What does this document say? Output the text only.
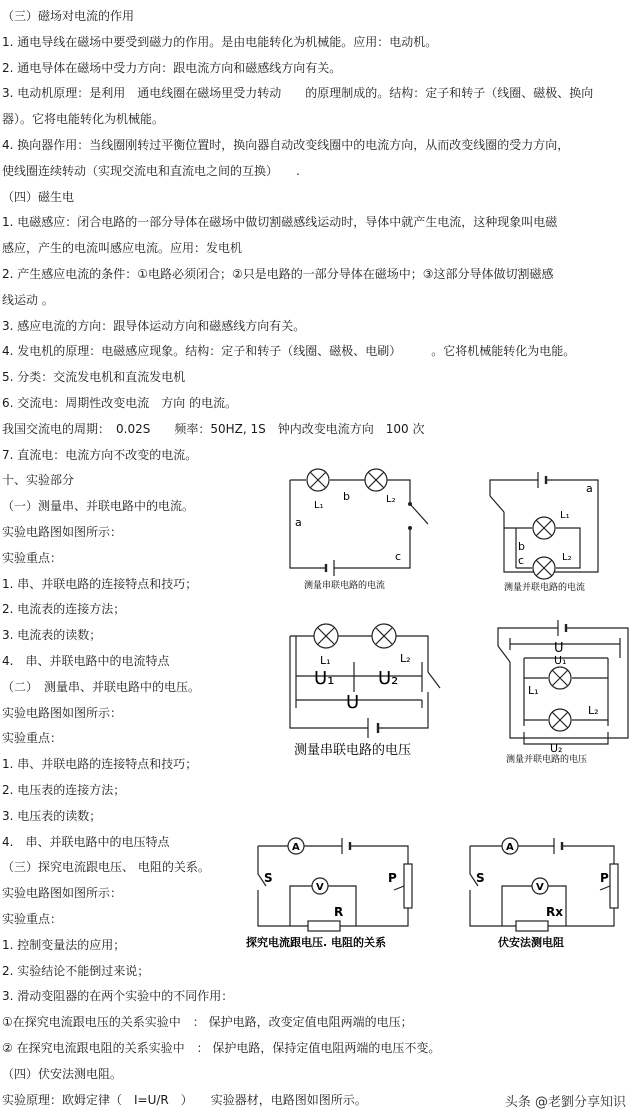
（三）磁场对电流的作用
1. 通电导线在磁场中要受到磁力的作用。是由电能转化为机械能。应用：电动机。
2. 通电导体在磁场中受力方向：跟电流方向和磁感线方向有关。
3. 电动机原理：是利用　通电线圈在磁场里受力转动　　的原理制成的。结构：定子和转子（线圈、磁极、换向
器）。它将电能转化为机械能。
4. 换向器作用：当线圈刚转过平衡位置时，换向器自动改变线圈中的电流方向，从而改变线圈的受力方向，
使线圈连续转动（实现交流电和直流电之间的互换）　　.
（四）磁生电
1. 电磁感应：闭合电路的一部分导体在磁场中做切割磁感线运动时，导体中就产生电流，这种现象叫电磁
感应，产生的电流叫感应电流。应用：发电机
2. 产生感应电流的条件：①电路必须闭合；②只是电路的一部分导体在磁场中；③这部分导体做切割磁感
线运动 。
3. 感应电流的方向：跟导体运动方向和磁感线方向有关。
4. 发电机的原理：电磁感应现象。结构：定子和转子（线圈、磁极、电刷）　　　。它将机械能转化为电能。
5. 分类：交流发电机和直流发电机
6. 交流电：周期性改变电流　方向 的电流。
我国交流电的周期：　0.02S　　频率：50HZ, 1S　钟内改变电流方向　100 次
7. 直流电：电流方向不改变的电流。
十、实验部分
（一）测量串、并联电路中的电流。
实验电路图如图所示：
实验重点：
1. 串、并联电路的连接特点和技巧；
2. 电流表的连接方法；
3. 电流表的读数；
4.　串、并联电路中的电流特点
（二）　测量串、并联电路中的电压。
实验电路图如图所示：
实验重点：
1. 串、并联电路的连接特点和技巧；
2. 电压表的连接方法；
3. 电压表的读数；
4.　串、并联电路中的电压特点
（三）探究电流跟电压、 电阻的关系。
实验电路图如图所示：
实验重点：
1. 控制变量法的应用；
2. 实验结论不能倒过来说；
3. 滑动变阻器的在两个实验中的不同作用：
①在探究电流跟电压的关系实验中　： 保护电路，改变定值电阻两端的电压；
② 在探究电流跟电阻的关系实验中　： 保护电路，保持定值电阻两端的电压不变。
（四）伏安法测电阻。
实验原理：欧姆定律（　I=U/R　）　　实验器材，电路图如图所示。
L₁
L₂
a
b
c
测量串联电路的电流
a
b
c
L₁
L₂
测量并联电路的电流
L₁	L₂
U₁ U₂
U
测量串联电路的电压
U
U₁
L₁
L₂
U₂
测量并联电路的电压
A
V
S	P
R
探究电流跟电压. 电阻的关系
A
V
S	P
Rx
伏安法测电阻
头条 @老劉分享知识
